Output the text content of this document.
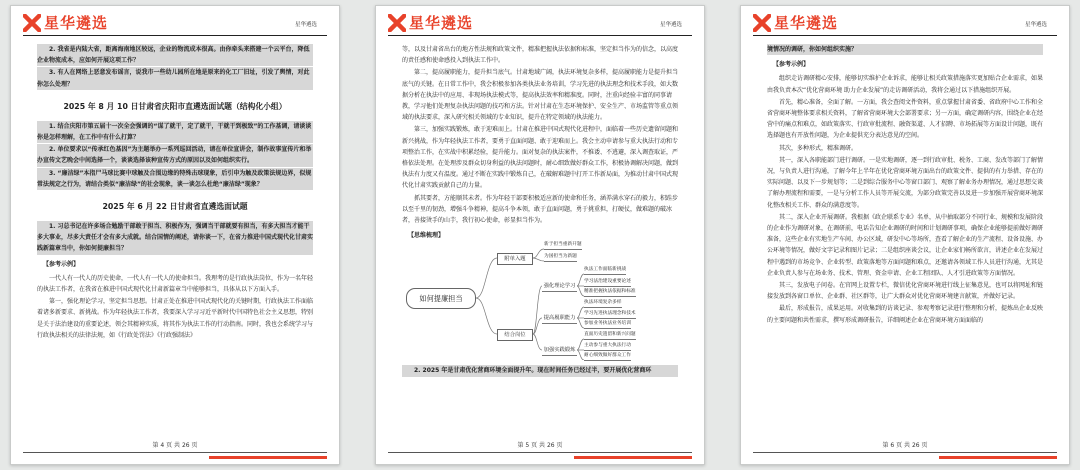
星华遴选	星华遴选

2. 我省是内陆大省，距离海南地区较远，企业的物流成本很高。由你牵头来搭建一个云平台，降低企业物流成本，应如何开展这项工作？

3. 有人在网络上恶意发布谣言，说我市一些幼儿园所在地是原来的化工厂旧址，引发了舆情，对此你怎么处理？

2025 年 8 月 10 日甘肃省庆阳市直遴选面试题（结构化小组）

1. 结合庆阳市第五届十一次全会强调的“谋了就干，定了就干，干就干到极致”的工作基调，请谈谈你是怎样理解，在工作中有什么打算？

2. 单位要求以“传承红色基因”为主题举办一系列巡回活动，请在单位宣讲会，制作故事宣传片和举办宣传文艺晚会中间选择一个，谈谈选择该种宣传方式的原因以及如何组织实行。

3. “廉洁绿”本指尸马球比赛中球触及合围边缘的特殊击球现象，后引申为触及政策法规边界，似规常法规定之行为，请结合类似“廉洁绿”的社会现象，谈一谈怎么杜绝“廉洁绿”现象？

2025 年 6 月 22 日甘肃省直遴选面试题

1. 习总书记在许多场合勉励干部敢于担当、积极作为，强调当干部就要有担当，有多大担当才能干多大事业，尽多大责任才会有多大成就。结合国情的阐述，请你谈一下，在省力推进中国式现代化甘肃实践新篇章当中，你如何提廉担当？

【参考示例】

一代人有一代人的历史使命，一代人有一代人的使命担当。我理考的是行政执法岗位，作为一名年轻的执法工作者，在我省在推进中国式现代化甘肃新篇章当中能够担当，具体从以下方面入手。

第一，强化理论学习，坚定担当思想。甘肃正处在推进中国式现代化的关键时期，行政执法工作面临着诸多新要求、新挑战。作为年轻执法工作者，我要深入学习习近平新时代中国特色社会主义思想，特别是关于法治建设的重要论述，领会其精神实质，将其作为执法工作的行动指南。同时，我也会系统学习与行政执法相关的法律法规，如《行政处罚法》《行政强制法》

第 4 页 共 26 页
星华遴选	星华遴选

等，以及甘肃省出台的地方性法规和政策文件，精准把握执法依据和标准，坚定担当作为的信念，以高度的责任感和使命感投入到执法工作中。

第二，提高履职能力，提升担当底气。甘肃地域广阔，执法环境复杂多样，提高履职能力是提升担当底气的关键。在日常工作中，我会积极参加各类执法业务培训，学习先进的执法理念和技术手段，如大数据分析在执法中的应用、非现场执法模式等，提高执法效率和精准度。同时，注重向经验丰富的同事请教，学习他们处理复杂执法问题的技巧和方法。针对甘肃在生态环境保护、安全生产、市场监管等重点领域的执法要求，深入研究相关领域的专业知识，提升在特定领域的执法能力。

第三，加强实践锻炼，敢于迎难而上。甘肃在推进中国式现代化进程中，面临着一些历史遗留问题和新兴挑战，作为年轻执法工作者，要勇于直面问题、敢于迎难而上。我会主动申请参与重大执法行动和专项整治工作，在实战中积累经验，提升能力。面对复杂的执法案件，不推诿、不逃避，深入调查取证，严格依法处理。在处理涉及群众切身利益的执法问题时，耐心细致做好群众工作，积极协调解决问题，做到执法有力度又有温度。通过不断在实践中锻炼自己，在破解难题中打开工作新局面，为推动甘肃中国式现代化甘肃实践贡献自己的力量。

抓其要者，方能顺其未者。作为年轻干部要积极适应新的使命和任务，涵养满水穿石的毅力，积跬步以至千里的韧劲，增强斗争精神，提高斗争本领，敢于直面问题，勇于挑重担，打硬仗，做难题的破冰者，善接烫手的山芋，我行初心使命，彰显担当作为。

【思维梳理】
如何提廉担当
附单入题
结合岗位
新于担当重新开题
为国担当为新题
强化理论学习
提高履职能力
加强实践锻炼
执法工作面临新挑战
学习法治建设重要论述
精准把握执法依据和标准
执法环境复杂多样
学习先进执法理念和技术
参加业务执法业务培训
直面历史遗留和新兴问题
主动参与重大执法行动
耐心细致做好群众工作

2. 2025 年是甘肃优化营商环境全面提升年。现在时间任务已经过半，要开展优化营商环

第 5 页 共 26 页
星华遴选	星华遴选

境情况的调研，你如何组织实施？

【参考示例】

组织走访调研精心安排，能够切实维护企业诉求，能够让相关政策措施落实更加贴合企业需求，如果由我负责本次“优化营商环境 助力企业发展”的走访调研活动，我将会通过以下措施组织开展。

首先，精心准备，全面了解。一方面，我会查阅文件资料，重点掌握甘肃省委、省政府中心工作和全省营商环境整体要求相关资料，了解省营商环境大会部署要求；另一方面，确定调研内容，围绕企业在经营中的痛点和难点，如政策落实、行政审批流程、融资渠道、人才招聘、市场拓展等方面设计问题，既有选择题也有开放性问题，为企业提供充分表达意见的空间。

其次，多种形式，精准调研。

其一，深入各职能部门进行调研。一是实地调研，逐一到行政审批、税务、工商、发改等部门了解情况，与负责人进行沟通，了解今年上半年在优化营商环境方面出台的政策文件、提供的有力举措、存在的实际问题、以及下一步规划等；二是到综合服务中心等窗口部门、观察了解业务办理情况，通过思想交谈了解办理流程和需要，一是与分析工作人员等开展交流，为部分政策完善以及进一步加强开展营商环境深化整改相关工作、群众的满意度等。

其二，深入企业开展调研。我根据《政企联系专业》名单，从中抽取部分不同行业、规模和发展阶段的企业作为调研对象，在调研前，电话告知企业调研的时间和计划调研事项，确保企业能够提前做好调研准备，这些企业有实地生产车间、办公区域，研发中心等场所，查看了解企业的生产流程、设备设施、办公环境等情况，做好文字记录和图片记录；二是组织座谈会议，让企业家们畅所欲言，讲述企业在发展过程中遇到的市场竞争、企业转型、政策落地等方面问题和难点，还邀请各领域工作人员进行沟通，尤其是企业负责人参与在场业务、技术、管理、资金申请、企业工程团队、人才引进政策等方面情况。

其三，发放电子问卷。在官网上设置专栏，微信优化营商环境进行线上征集意见，也可以将网址和链接发放到各窗口单位、企业群、社区群等，让广大群众对优化营商环境建言献策，并做好记录。

最后，形成报告，成果运用。对收集到的访谈记录、参观考察记录进行整理和分析，提炼出企业反映的主要问题和共性需求，撰写形成调研报告，详细阐述企业在营商环境方面面临的

第 6 页 共 26 页
